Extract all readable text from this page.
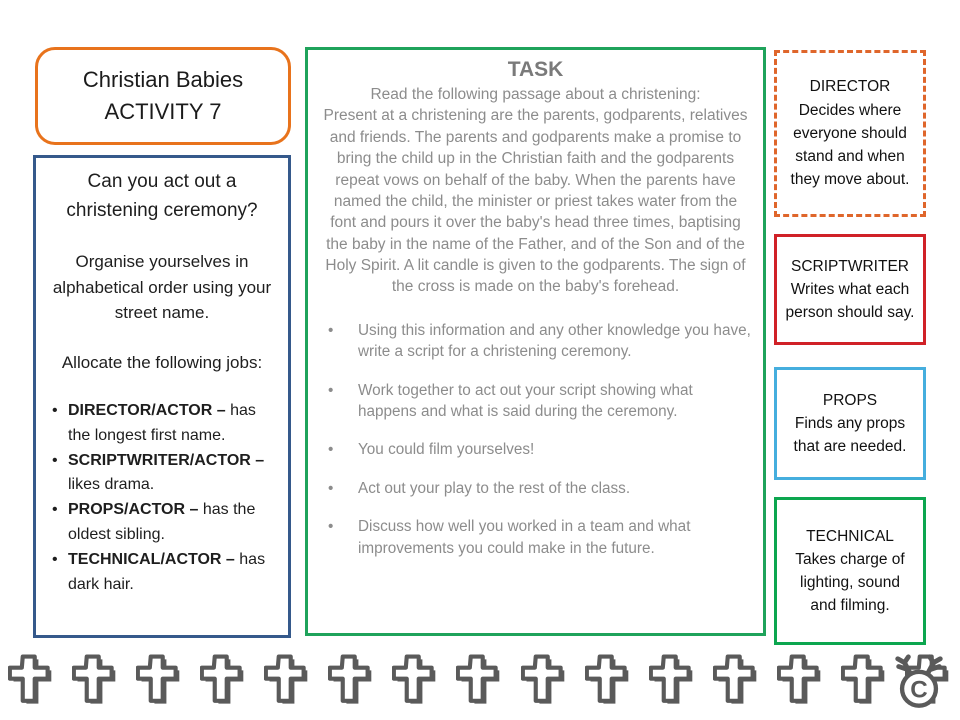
Christian Babies
ACTIVITY 7
Can you act out a christening ceremony?
Organise yourselves in alphabetical order using your street name.
Allocate the following jobs:
• DIRECTOR/ACTOR – has the longest first name.
• SCRIPTWRITER/ACTOR – likes drama.
• PROPS/ACTOR – has the oldest sibling.
• TECHNICAL/ACTOR – has dark hair.
TASK
Read the following passage about a christening:
Present at a christening are the parents, godparents, relatives and friends. The parents and godparents make a promise to bring the child up in the Christian faith and the godparents repeat vows on behalf of the baby. When the parents have named the child, the minister or priest takes water from the font and pours it over the baby's head three times, baptising the baby in the name of the Father, and of the Son and of the Holy Spirit. A lit candle is given to the godparents. The sign of the cross is made on the baby's forehead.
•	Using this information and any other knowledge you have, write a script for a christening ceremony.
•	Work together to act out your script showing what happens and what is said during the ceremony.
•	You could film yourselves!
•	Act out your play to the rest of the class.
•	Discuss how well you worked in a team and what improvements you could make in the future.
DIRECTOR
Decides where everyone should stand and when they move about.
SCRIPTWRITER
Writes what each person should say.
PROPS
Finds any props that are needed.
TECHNICAL
Takes charge of lighting, sound and filming.
C
